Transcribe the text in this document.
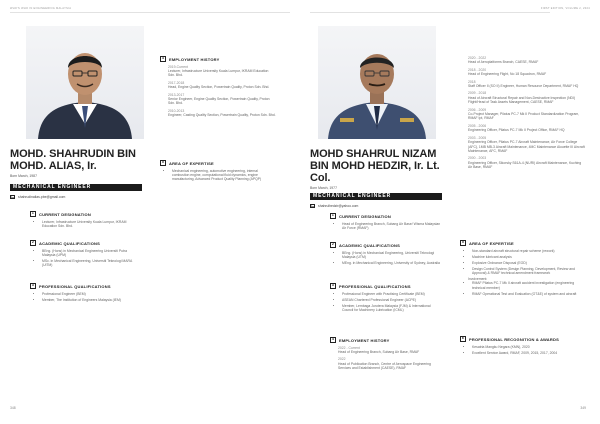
WHO'S WHO IN ENGINEERING MALAYSIA
MOHD. SHAHRUDIN BIN
MOHD. ALIAS, Ir.
Born March, 1987
MECHANICAL ENGINEER
shahrudinalias.pbe@gmail.com
1	CURRENT DESIGNATION
• Lecturer, Infrastructure University Kuala Lumpur, IKRAM Education Sdn. Bhd.
2	ACADEMIC QUALIFICATIONS
• BEng. (Hons) in Mechanical Engineering Universiti Putra Malaysia (UPM)
• MSc. in Mechanical Engineering, Universiti Teknologi MARA (UiTM)
3	PROFESSIONAL QUALIFICATIONS
• Professional Engineer (BEM)
• Member, The Institution of Engineers Malaysia (IEM)
4	EMPLOYMENT HISTORY
2019-Current
Lecturer, Infrastructure University Kuala Lumpur, IKRAM Education Sdn. Bhd.
2017-2018
Head, Engine Quality Section, Powertrain Quality, Proton Sdn. Bhd.
2013-2017
Senior Engineer, Engine Quality Section, Powertrain Quality, Proton Sdn. Bhd.
2010-2013
Engineer, Casting Quality Section, Powertrain Quality, Proton Sdn. Bhd.
5	AREA OF EXPERTISE
• Mechanical engineering, automotive engineering, internal combustion engine, computational fluid dynamics, engine manufacturing, Advanced Product Quality Planning (APQP)
348
FIRST EDITION, VOLUME 2, 2024
MOHD SHAHRUL NIZAM
BIN MOHD HEDZIR, Ir. Lt.
Col.
Born March, 1977
MECHANICAL ENGINEER
shahrulhedzir@yahoo.com
1	CURRENT DESIGNATION
• Head of Engineering Branch, Subang Air Base/ Wisma Malaysian Air Force (RMAF)
2	ACADEMIC QUALIFICATIONS
• BEng. (Hons) in Mechanical Engineering, Universiti Teknologi Malaysia (UTM)
• MEng. in Mechanical Engineering, University of Sydney, Australia
3	PROFESSIONAL QUALIFICATIONS
• Professional Engineer with Practising Certificate (BEM)
• ASEAN Chartered Professional Engineer (ACPE)
• Member, Lembaga Jurutera Malaysia (FJM) & International Council for Machinery Lubrication (ICML)
4	EMPLOYMENT HISTORY
2022 - Current
Head of Engineering Branch, Subang Air Base, RMAF
2022
Head of Publication Branch, Centre of Aerospace Engineering Services and Establishment (CAESE), RMAF
2020 - 2022
Head of Aeroplatforms Branch, CAESE, RMAF
2018 - 2020
Head of Engineering Flight, No 18 Squadron, RMAF
2018
Staff Officer II (SO II) Engineer, Human Resource Department, RMAF HQ
2009 - 2018
Head of Aircraft Structural Repair and Non-Destructive Inspection (NDI) Flight/Head of Task Assets Management, CAESE, RMAF
2006 - 2009
Co-Project Manager, Pilatus PC-7 Mk II Product Standardization Program, RMAF Ipt, RMAF
2005 - 2006
Engineering Officer, Pilatus PC-7 Mk II Project Office, RMAF HQ
2003 - 2005
Engineering Officer, Pilatus PC-7 Aircraft Maintenance, Air Force College (AFC), 1MB MB-3 Aircraft Maintenance, 4MC Maintenance Alouette III Aircraft Maintenance, AFC, RMAF
2000 - 2003
Engineering Officer, Sikorsky S61A-4 (NURI) Aircraft Maintenance, Kuching Air Base, RMAF
5	AREA OF EXPERTISE
• Non-standard aircraft structural repair scheme (rework)
• Machine lubricant analysis
• Explosive Ordnance Disposal (EOD)
• Design Control System (Design Planning, Development, Review and Approval) & RMAF technical amendment framework
Involvement:
• RMAF Pilatus PC-7 Mk II aircraft accident investigation (engineering technical member)
• RMAF Operational Test and Evaluation (OT&E) of system and aircraft
6	PROFESSIONAL RECOGNITION & AWARDS
• Kesatria Mangku Negara (KMN), 2020
• Excellent Service Award, RMAF, 2009, 2015, 2017, 2004
349
